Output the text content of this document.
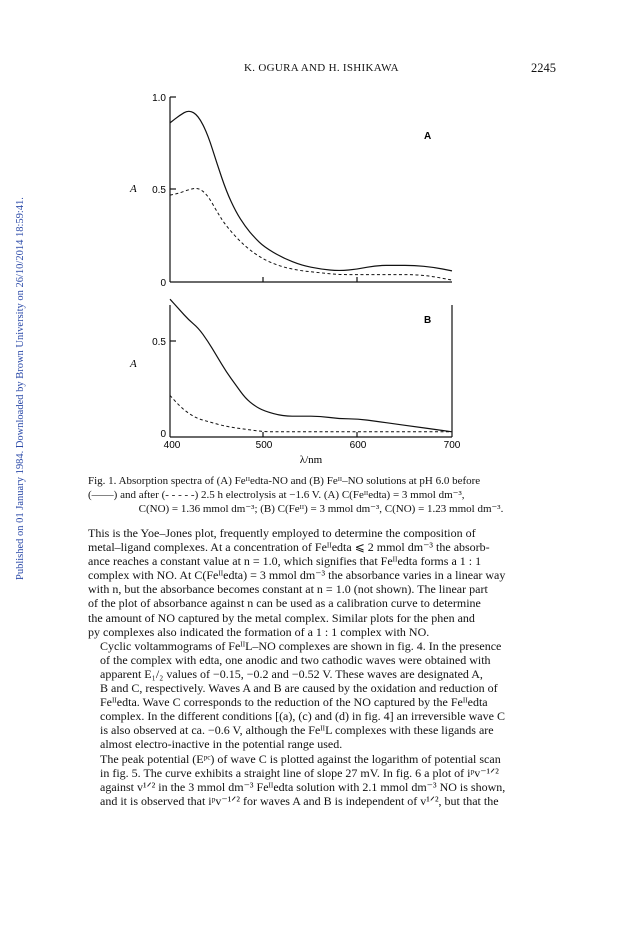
Published on 01 January 1984. Downloaded by Brown University on 26/10/2014 18:59:41.
K. OGURA AND H. ISHIKAWA	2245
1.0
0.5
0
A
A
0.5
0
B
A
400	500	600	700
λ/nm
Fig. 1. Absorption spectra of (A) Feᴵᴵedta-NO and (B) Feᴵᴵ–NO solutions at pH 6.0 before
(——) and after (- - - - -) 2.5 h electrolysis at −1.6 V. (A) C(Feᴵᴵedta) = 3 mmol dm⁻³,
C(NO) = 1.36 mmol dm⁻³; (B) C(Feᴵᴵ) = 3 mmol dm⁻³, C(NO) = 1.23 mmol dm⁻³.

This is the Yoe–Jones plot, frequently employed to determine the composition of
metal–ligand complexes. At a concentration of Feᴵᴵedta ⩽ 2 mmol dm⁻³ the absorb-
ance reaches a constant value at n = 1.0, which signifies that Feᴵᴵedta forms a 1 : 1
complex with NO. At C(Feᴵᴵedta) = 3 mmol dm⁻³ the absorbance varies in a linear way
with n, but the absorbance becomes constant at n = 1.0 (not shown). The linear part
of the plot of absorbance against n can be used as a calibration curve to determine
the amount of NO captured by the metal complex. Similar plots for the phen and
py complexes also indicated the formation of a 1 : 1 complex with NO.

Cyclic voltammograms of FeᴵᴵL–NO complexes are shown in fig. 4. In the presence
of the complex with edta, one anodic and two cathodic waves were obtained with
apparent E₁/₂ values of −0.15, −0.2 and −0.52 V. These waves are designated A,
B and C, respectively. Waves A and B are caused by the oxidation and reduction of
Feᴵᴵedta. Wave C corresponds to the reduction of the NO captured by the Feᴵᴵedta
complex. In the different conditions [(a), (c) and (d) in fig. 4] an irreversible wave C
is also observed at ca. −0.6 V, although the FeᴵᴵL complexes with these ligands are
almost electro-inactive in the potential range used.

The peak potential (Eᵖᶜ) of wave C is plotted against the logarithm of potential scan
in fig. 5. The curve exhibits a straight line of slope 27 mV. In fig. 6 a plot of iᵖv⁻¹ᐟ²
against v¹ᐟ² in the 3 mmol dm⁻³ Feᴵᴵedta solution with 2.1 mmol dm⁻³ NO is shown,
and it is observed that iᵖv⁻¹ᐟ² for waves A and B is independent of v¹ᐟ², but that the
